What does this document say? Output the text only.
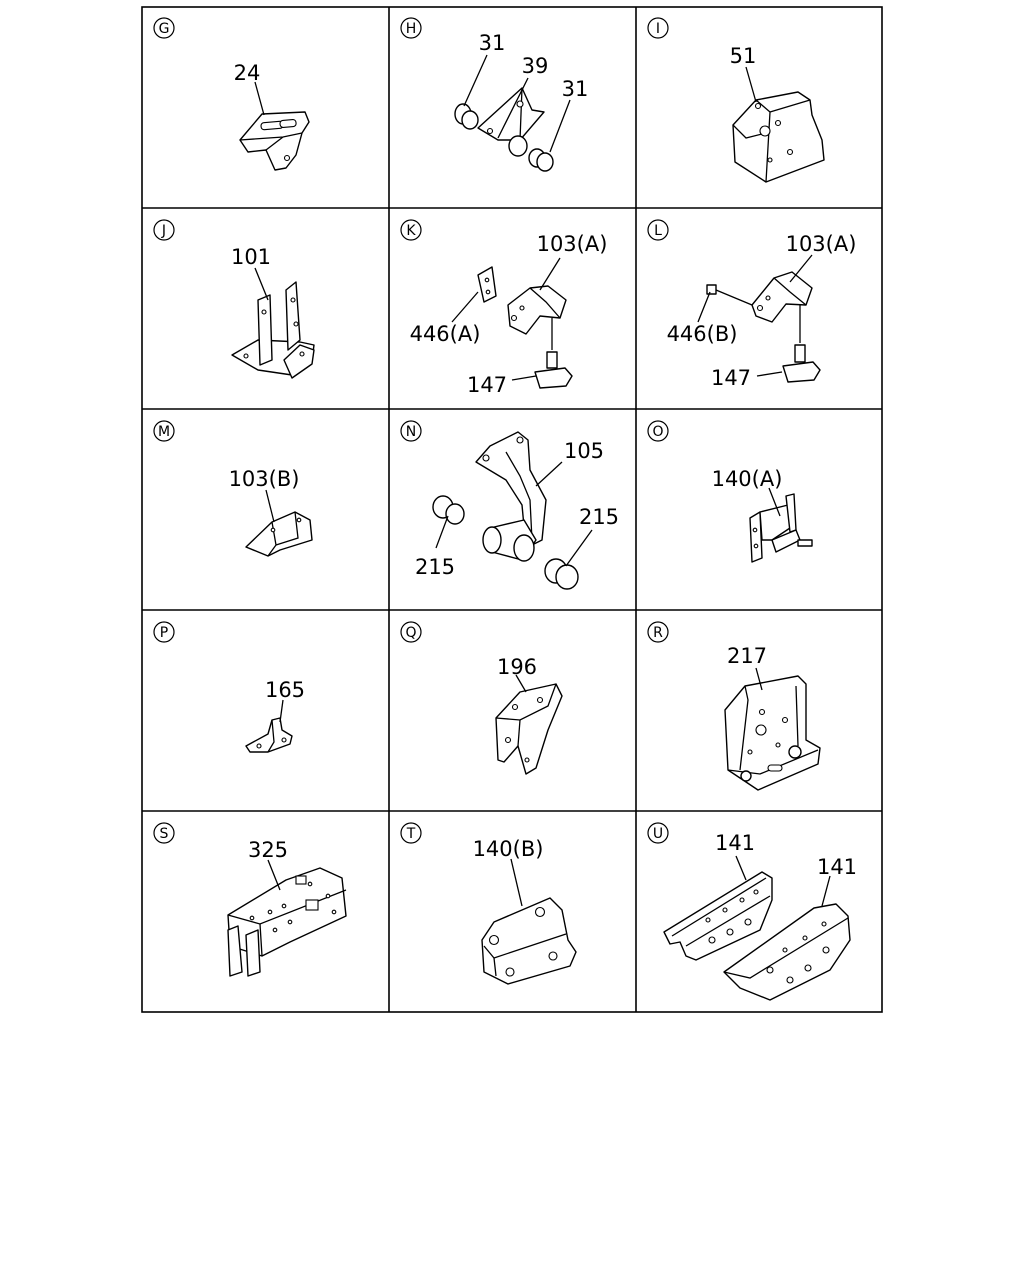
G
24
H
31
39
31
I
51
J
101
K
103(A)
446(A)
147
L
103(A)
446(B)
147
M
103(B)
N
105
215
215
O
140(A)
P
165
Q
196
R
217
S
325
T
140(B)
U 141
141
